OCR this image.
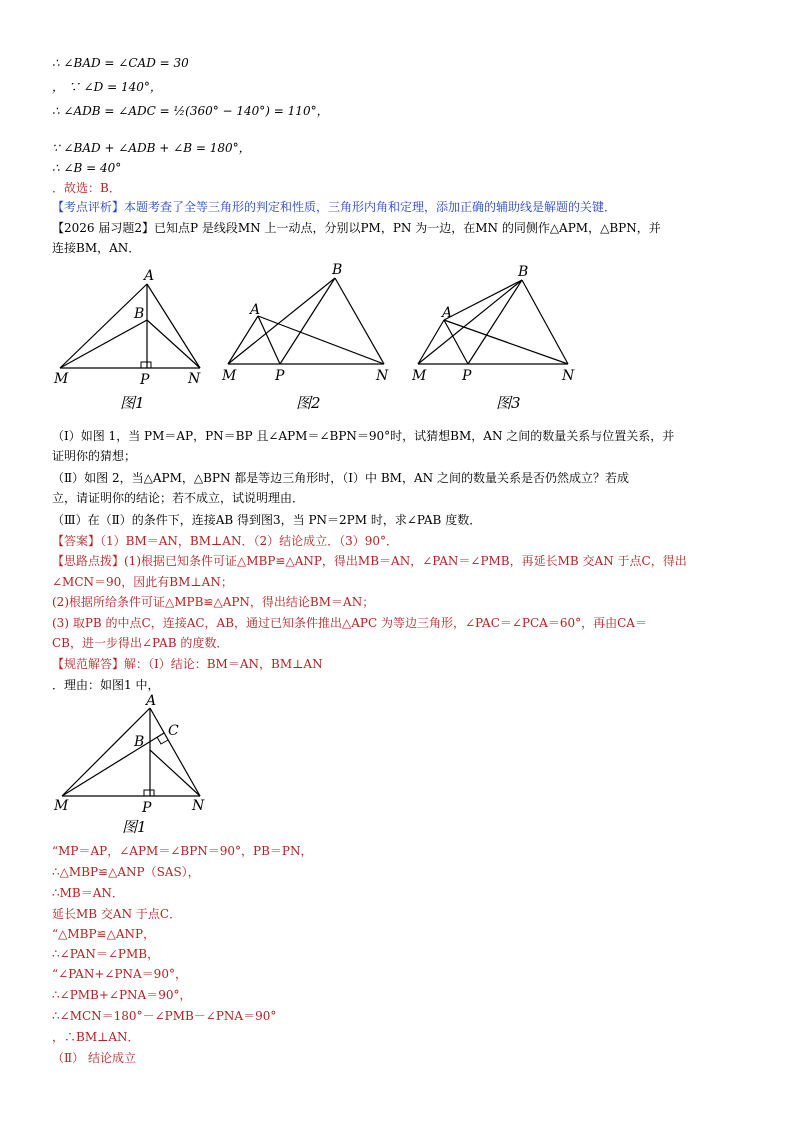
∴ ∠BAD = ∠CAD = 30
， ∵ ∠D = 140°，
∴ ∠ADB = ∠ADC = ½(360° − 140°) = 110°，
∵ ∠BAD + ∠ADB + ∠B = 180°，
∴ ∠B = 40°
．故选：B．
【考点评析】本题考查了全等三角形的判定和性质，三角形内角和定理，添加正确的辅助线是解题的关键．
【2026 届习题2】已知点P 是线段MN 上一动点，分别以PM，PN 为一边，在MN 的同侧作△APM，△BPN，并
连接BM，AN．
A
B
M	P	N
图1
B
A
M	P	N
图2
B
A
M	P	N
图3
（Ⅰ）如图 1，当 PM＝AP，PN＝BP 且∠APM＝∠BPN＝90°时，试猜想BM，AN 之间的数量关系与位置关系，并
证明你的猜想；
（Ⅱ）如图 2，当△APM，△BPN 都是等边三角形时，（Ⅰ）中 BM，AN 之间的数量关系是否仍然成立？若成
立，请证明你的结论；若不成立，试说明理由．
（Ⅲ）在（Ⅱ）的条件下，连接AB 得到图3，当 PN＝2PM 时，求∠PAB 度数．
【答案】（1）BM＝AN，BM⊥AN．（2）结论成立．（3）90°．
【思路点拨】(1)根据已知条件可证△MBP≌△ANP，得出MB＝AN，∠PAN＝∠PMB，再延长MB 交AN 于点C，得出
∠MCN＝90，因此有BM⊥AN；
(2)根据所给条件可证△MPB≌△APN，得出结论BM＝AN；
(3) 取PB 的中点C，连接AC，AB，通过已知条件推出△APC 为等边三角形，∠PAC＝∠PCA＝60°，再由CA＝
CB，进一步得出∠PAB 的度数．
【规范解答】解：（Ⅰ）结论：BM＝AN，BM⊥AN
．理由：如图1 中，
A
B
C
M	P	N
图1
“MP＝AP，∠APM＝∠BPN＝90°，PB＝PN，
∴△MBP≌△ANP（SAS），
∴MB＝AN．
延长MB 交AN 于点C．
“△MBP≌△ANP，
∴∠PAN＝∠PMB，
“∠PAN+∠PNA＝90°，
∴∠PMB+∠PNA＝90°，
∴∠MCN＝180°－∠PMB－∠PNA＝90°
，∴BM⊥AN．
（Ⅱ） 结论成立
